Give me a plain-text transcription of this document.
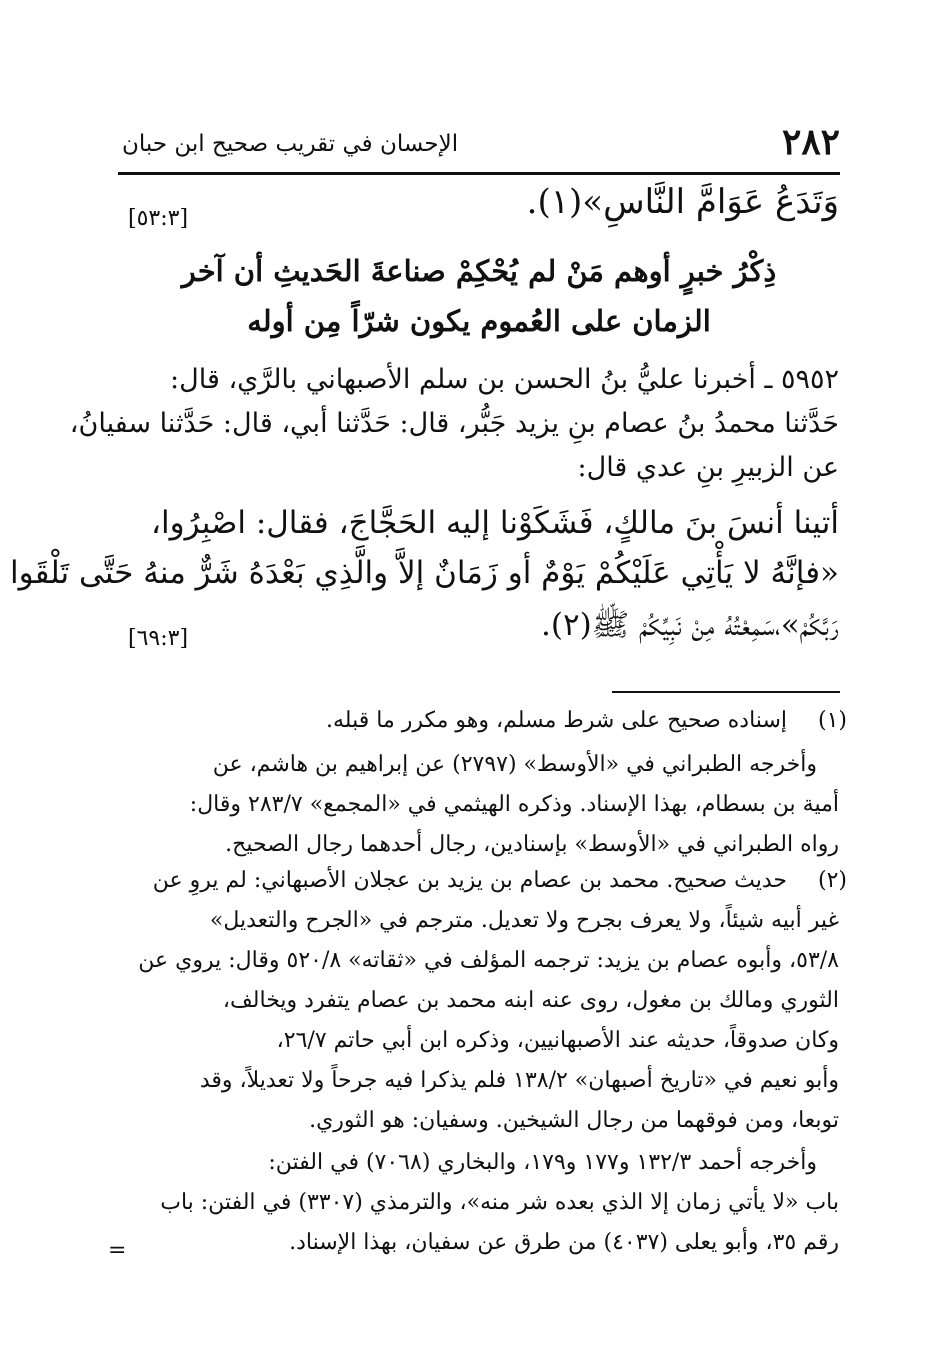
٢٨٢
الإحسان في تقريب صحيح ابن حبان
وَتَدَعُ عَوَامَّ النَّاسِ»(١).
[٥٣:٣]
ذِكْرُ خبرٍ أوهم مَنْ لم يُحْكِمْ صناعةَ الحَديثِ أن آخر
الزمان على العُموم يكون شرّاً مِن أوله
٥٩٥٢ ـ أخبرنا عليُّ بنُ الحسن بن سلم الأصبهاني بالرَّي، قال:
حَدَّثنا محمدُ بنُ عصام بنِ يزيد جَبُّر، قال: حَدَّثنا أبي، قال: حَدَّثنا سفيانُ،
عن الزبيرِ بنِ عدي قال:
أتينا أنسَ بنَ مالكٍ، فَشَكَوْنا إليه الحَجَّاجَ، فقال: اصْبِرُوا،
«فإنَّهُ لا يَأْتِي عَلَيْكُمْ يَوْمٌ أو زَمَانٌ إلاَّ والَّذِي بَعْدَهُ شَرٌّ منهُ حَتَّى تَلْقَوا
رَبَّكُمْ»،سَمِعْتُهُ مِنْ نَبِيِّكُمْ ﷺ(٢).
[٦٩:٣]
(١)
إسناده صحيح على شرط مسلم، وهو مكرر ما قبله.
وأخرجه الطبراني في «الأوسط» (٢٧٩٧) عن إبراهيم بن هاشم، عن
أمية بن بسطام، بهذا الإسناد. وذكره الهيثمي في «المجمع» ٢٨٣/٧ وقال:
رواه الطبراني في «الأوسط» بإسنادين، رجال أحدهما رجال الصحيح.
(٢)
حديث صحيح. محمد بن عصام بن يزيد بن عجلان الأصبهاني: لم يروِ عن
غير أبيه شيئاً، ولا يعرف بجرح ولا تعديل. مترجم في «الجرح والتعديل»
٥٣/٨، وأبوه عصام بن يزيد: ترجمه المؤلف في «ثقاته» ٥٢٠/٨ وقال: يروي عن
الثوري ومالك بن مغول، روى عنه ابنه محمد بن عصام يتفرد ويخالف،
وكان صدوقاً، حديثه عند الأصبهانيين، وذكره ابن أبي حاتم ٢٦/٧،
وأبو نعيم في «تاريخ أصبهان» ١٣٨/٢ فلم يذكرا فيه جرحاً ولا تعديلاً، وقد
توبعا، ومن فوقهما من رجال الشيخين. وسفيان: هو الثوري.
وأخرجه أحمد ١٣٢/٣ و١٧٧ و١٧٩، والبخاري (٧٠٦٨) في الفتن:
باب «لا يأتي زمان إلا الذي بعده شر منه»، والترمذي (٣٣٠٧) في الفتن: باب
رقم ٣٥، وأبو يعلى (٤٠٣٧) من طرق عن سفيان، بهذا الإسناد.
=
